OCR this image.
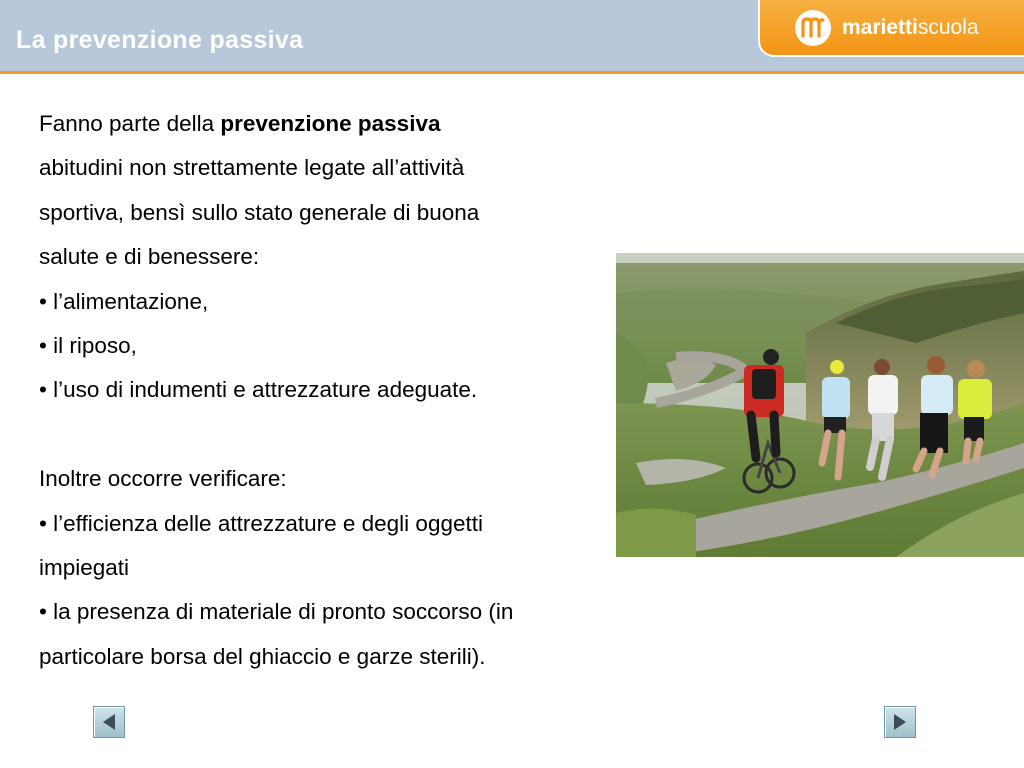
La prevenzione passiva	mariettiscuola
Fanno parte della prevenzione passiva
abitudini non strettamente legate all’attività
sportiva, bensì sullo stato generale di buona
salute e di benessere:
• l’alimentazione,
• il riposo,
• l’uso di indumenti e attrezzature adeguate.
Inoltre occorre verificare:
• l’efficienza delle attrezzature e degli oggetti
impiegati
• la presenza di materiale di pronto soccorso (in
particolare borsa del ghiaccio e garze sterili).
